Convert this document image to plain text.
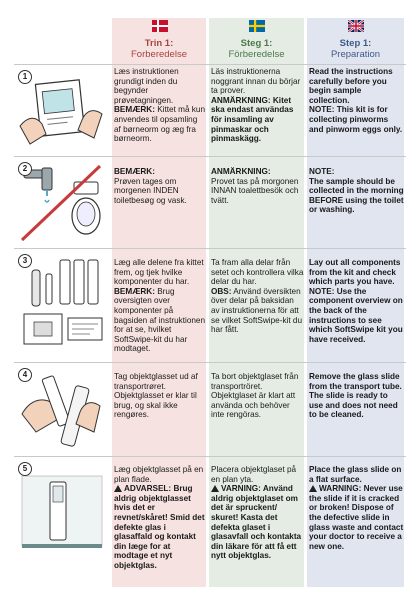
Trin 1:
Forberedelse
Steg 1:
Förberedelse
Step 1:
Preparation
1

Læs instruktionen grundigt inden du begynder prøvetagningen.

BEMÆRK: Kittet må kun anvendes til opsamling af børneorm og æg fra børneorm.

Läs instruktionerna noggrant innan du börjar ta prover.

ANMÄRKNING: Kitet ska endast användas för insamling av pinmaskar och pinmaskägg.

Read the instructions carefully before you begin sample collection.

NOTE: This kit is for collecting pinworms and pinworm eggs only.

2	BEMÆRK:

Prøven tages om morgenen INDEN toiletbesøg og vask.

ANMÄRKNING:

Provet tas på morgonen INNAN toalettbesök och tvätt.

NOTE:

The sample should be collected in the morning BEFORE using the toilet or washing.

3	Læg alle delene fra kittet frem, og tjek hvilke komponenter du har.

BEMÆRK: Brug oversigten over komponenter på bagsiden af instruktionen for at se, hvilket SoftSwipe-kit du har modtaget.

Ta fram alla delar från setet och kontrollera vilka delar du har.

OBS: Använd översikten över delar på baksidan av instruktionerna för att se vilket SoftSwipe-kit du har fått.

Lay out all components from the kit and check which parts you have.

NOTE: Use the component overview on the back of the instructions to see which SoftSwipe kit you have received.

4	Tag objektglasset ud af transportrøret. Objektglasset er klar til brug, og skal ikke rengøres.

Ta bort objektglaset från transportröret. Objektglaset är klart att använda och behöver inte rengöras.

Remove the glass slide from the transport tube. The slide is ready to use and does not need to be cleaned.

5	Læg objektglasset på en plan flade.

ADVARSEL: Brug aldrig objektglasset hvis det er revnet/skåret! Smid det defekte glas i glasaffald og kontakt din læge for at modtage et nyt objektglas.

Placera objektglaset på en plan yta.

VARNING: Använd aldrig objektglaset om det är spruckent/ skuret! Kasta det defekta glaset i glasavfall och kontakta din läkare för att få ett nytt objektglas.

Place the glass slide on a flat surface.

WARNING: Never use the slide if it is cracked or broken! Dispose of the defective slide in glass waste and contact your doctor to receive a new one.
